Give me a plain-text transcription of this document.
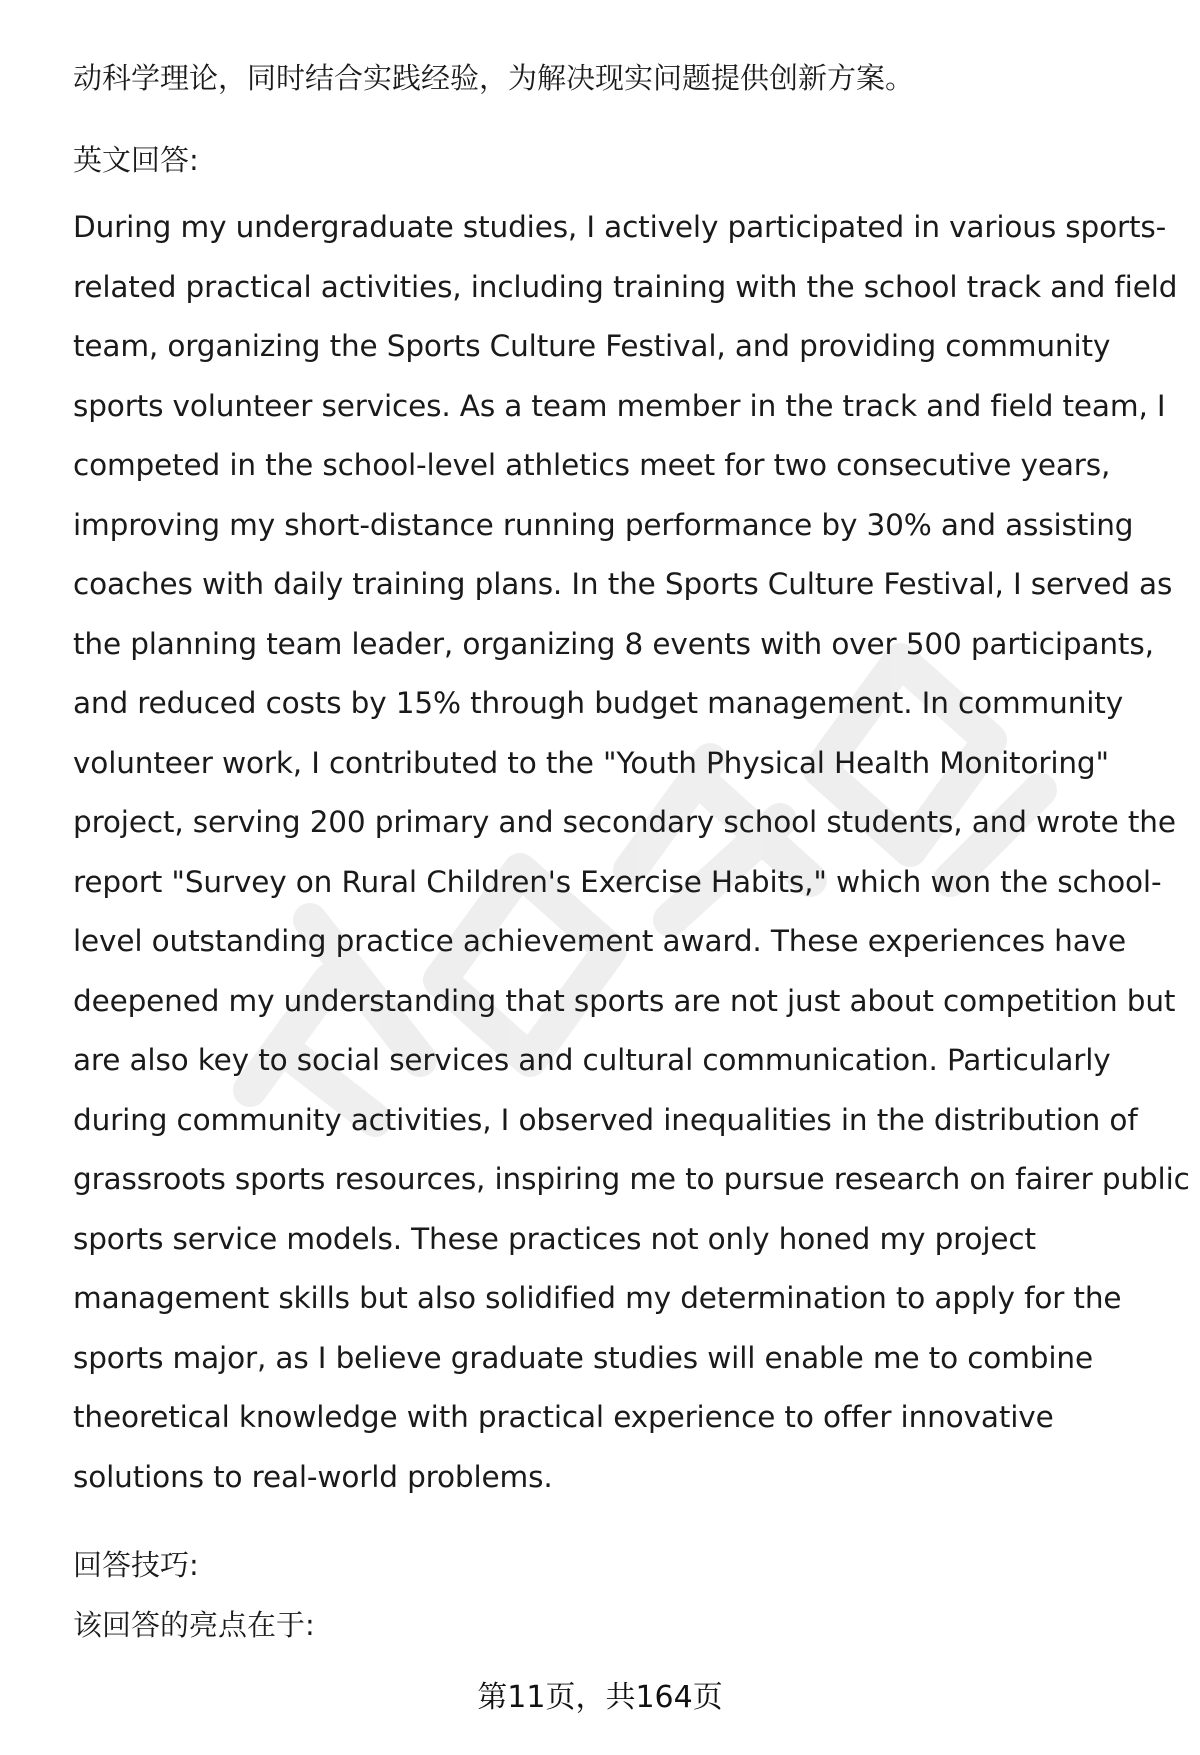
动科学理论，同时结合实践经验，为解决现实问题提供创新方案。

英文回答:

During my undergraduate studies, I actively participated in various sports-
related practical activities, including training with the school track and field
team, organizing the Sports Culture Festival, and providing community
sports volunteer services. As a team member in the track and field team, I
competed in the school-level athletics meet for two consecutive years,
improving my short-distance running performance by 30% and assisting
coaches with daily training plans. In the Sports Culture Festival, I served as
the planning team leader, organizing 8 events with over 500 participants,
and reduced costs by 15% through budget management. In community
volunteer work, I contributed to the "Youth Physical Health Monitoring"
project, serving 200 primary and secondary school students, and wrote the
report "Survey on Rural Children's Exercise Habits," which won the school-
level outstanding practice achievement award. These experiences have
deepened my understanding that sports are not just about competition but
are also key to social services and cultural communication. Particularly
during community activities, I observed inequalities in the distribution of
grassroots sports resources, inspiring me to pursue research on fairer public
sports service models. These practices not only honed my project
management skills but also solidified my determination to apply for the
sports major, as I believe graduate studies will enable me to combine
theoretical knowledge with practical experience to offer innovative
solutions to real-world problems.

回答技巧:

该回答的亮点在于:

第11页，共164页
